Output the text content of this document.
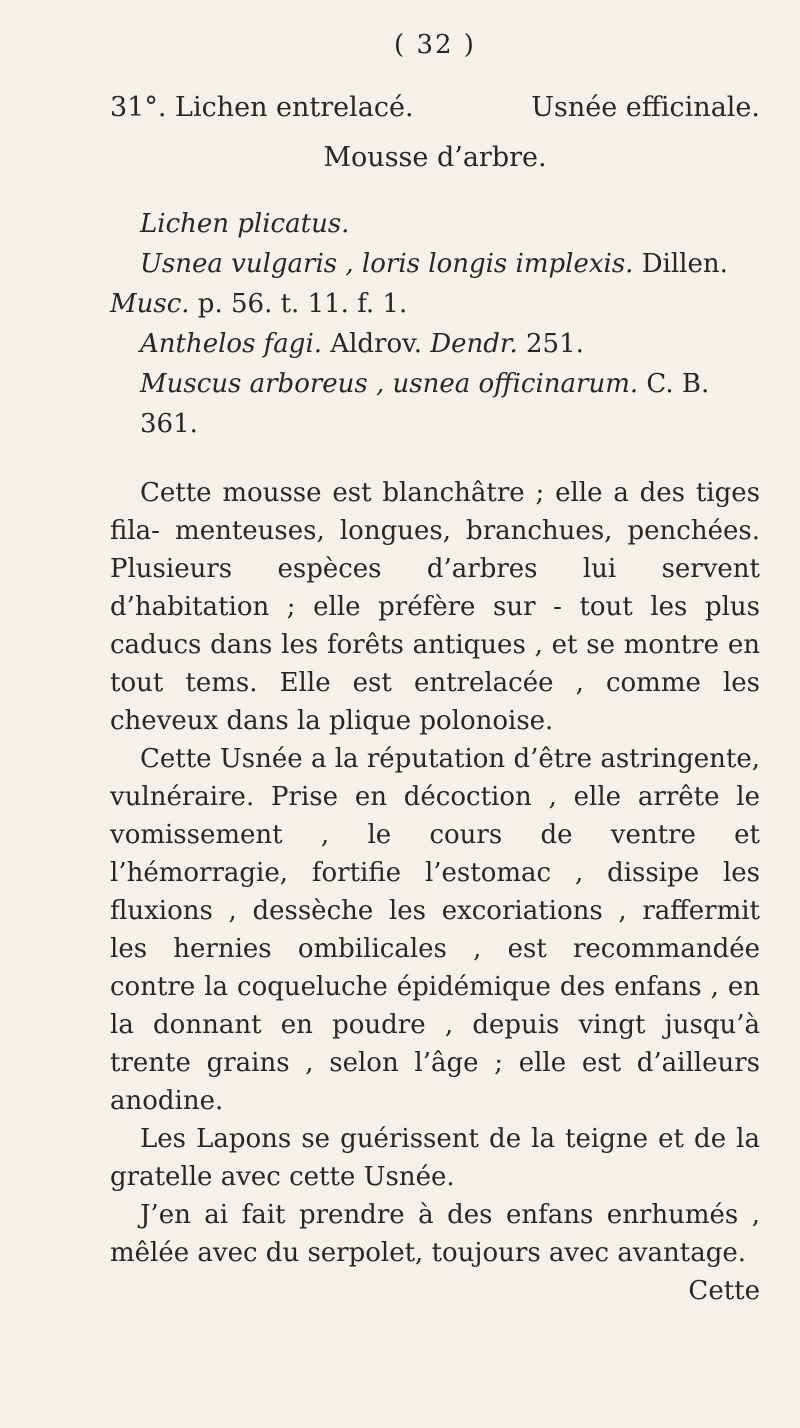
( 32 )
31°. Lichen entrelacé.	Usnée efficinale.
Mousse d’arbre.
Lichen plicatus.
Usnea vulgaris , loris longis implexis. Dillen.
Musc. p. 56. t. 11. f. 1.
Anthelos fagi. Aldrov. Dendr. 251.
Muscus arboreus , usnea officinarum. C. B. 361.

Cette mousse est blanchâtre ; elle a des tiges fila- menteuses, longues, branchues, penchées. Plusieurs espèces d’arbres lui servent d’habitation ; elle préfère sur - tout les plus caducs dans les forêts antiques , et se montre en tout tems. Elle est entrelacée , comme les cheveux dans la plique polonoise.

Cette Usnée a la réputation d’être astringente, vulnéraire. Prise en décoction , elle arrête le vomissement , le cours de ventre et l’hémorragie, fortifie l’estomac , dissipe les fluxions , dessèche les excoriations , raffermit les hernies ombilicales , est recommandée contre la coqueluche épidémique des enfans , en la donnant en poudre , depuis vingt jusqu’à trente grains , selon l’âge ; elle est d’ailleurs anodine.

Les Lapons se guérissent de la teigne et de la gratelle avec cette Usnée.

J’en ai fait prendre à des enfans enrhumés , mêlée avec du serpolet, toujours avec avantage.

Cette
